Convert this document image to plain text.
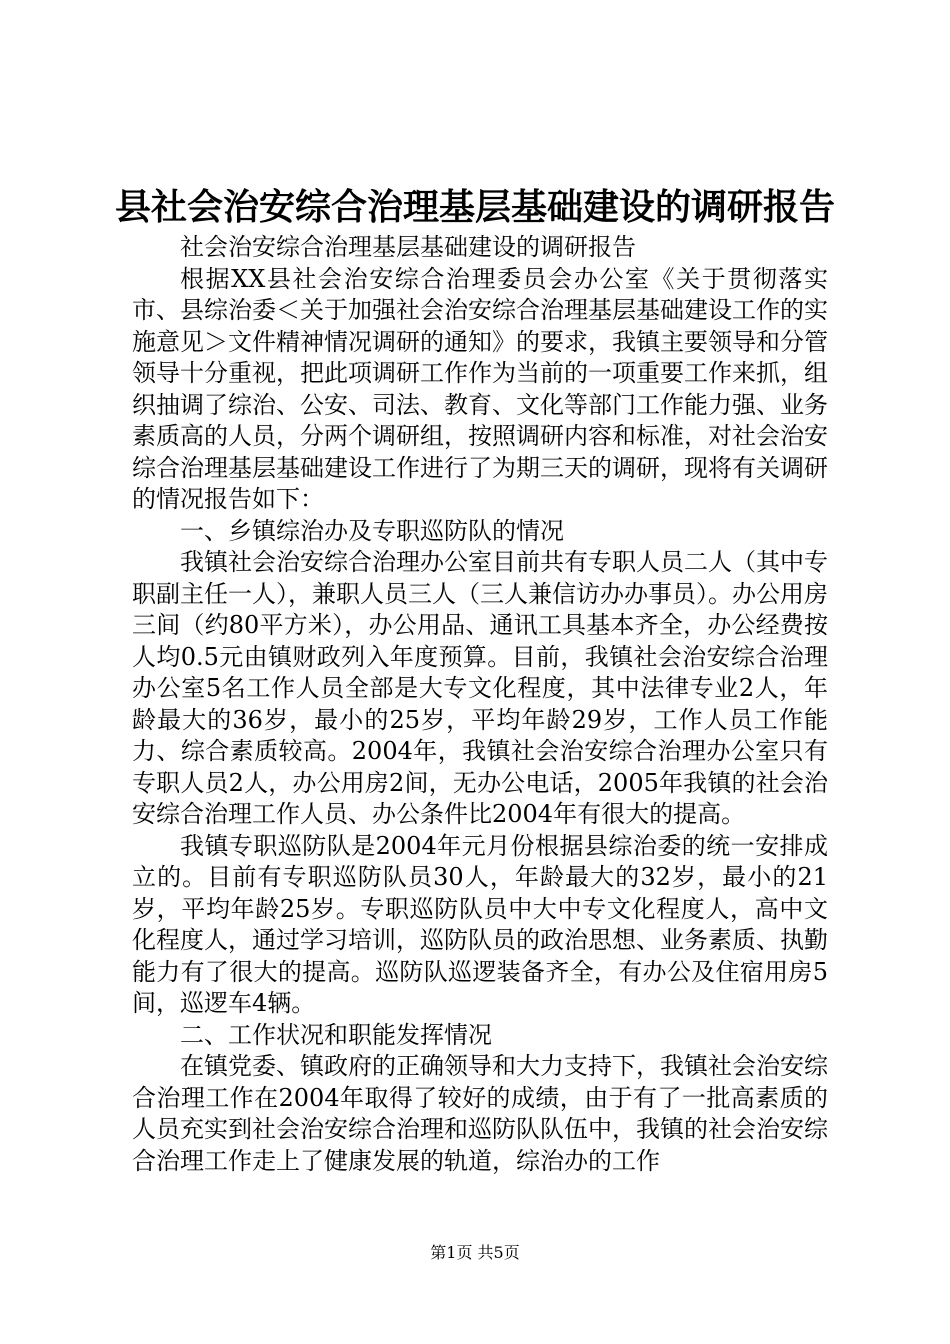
县社会治安综合治理基层基础建设的调研报告

社会治安综合治理基层基础建设的调研报告

根据XX县社会治安综合治理委员会办公室《关于贯彻落实市、县综治委＜关于加强社会治安综合治理基层基础建设工作的实施意见＞文件精神情况调研的通知》的要求，我镇主要领导和分管领导十分重视，把此项调研工作作为当前的一项重要工作来抓，组织抽调了综治、公安、司法、教育、文化等部门工作能力强、业务素质高的人员，分两个调研组，按照调研内容和标准，对社会治安综合治理基层基础建设工作进行了为期三天的调研，现将有关调研的情况报告如下：

一、乡镇综治办及专职巡防队的情况

我镇社会治安综合治理办公室目前共有专职人员二人（其中专职副主任一人），兼职人员三人（三人兼信访办办事员）。办公用房三间（约80平方米），办公用品、通讯工具基本齐全，办公经费按人均0.5元由镇财政列入年度预算。目前，我镇社会治安综合治理办公室5名工作人员全部是大专文化程度，其中法律专业2人，年龄最大的36岁，最小的25岁，平均年龄29岁，工作人员工作能力、综合素质较高。2004年，我镇社会治安综合治理办公室只有专职人员2人，办公用房2间，无办公电话，2005年我镇的社会治安综合治理工作人员、办公条件比2004年有很大的提高。

我镇专职巡防队是2004年元月份根据县综治委的统一安排成立的。目前有专职巡防队员30人，年龄最大的32岁，最小的21岁，平均年龄25岁。专职巡防队员中大中专文化程度人，高中文化程度人，通过学习培训，巡防队员的政治思想、业务素质、执勤能力有了很大的提高。巡防队巡逻装备齐全，有办公及住宿用房5间，巡逻车4辆。

二、工作状况和职能发挥情况

在镇党委、镇政府的正确领导和大力支持下，我镇社会治安综合治理工作在2004年取得了较好的成绩，由于有了一批高素质的人员充实到社会治安综合治理和巡防队队伍中，我镇的社会治安综合治理工作走上了健康发展的轨道，综治办的工作

第1页 共5页
